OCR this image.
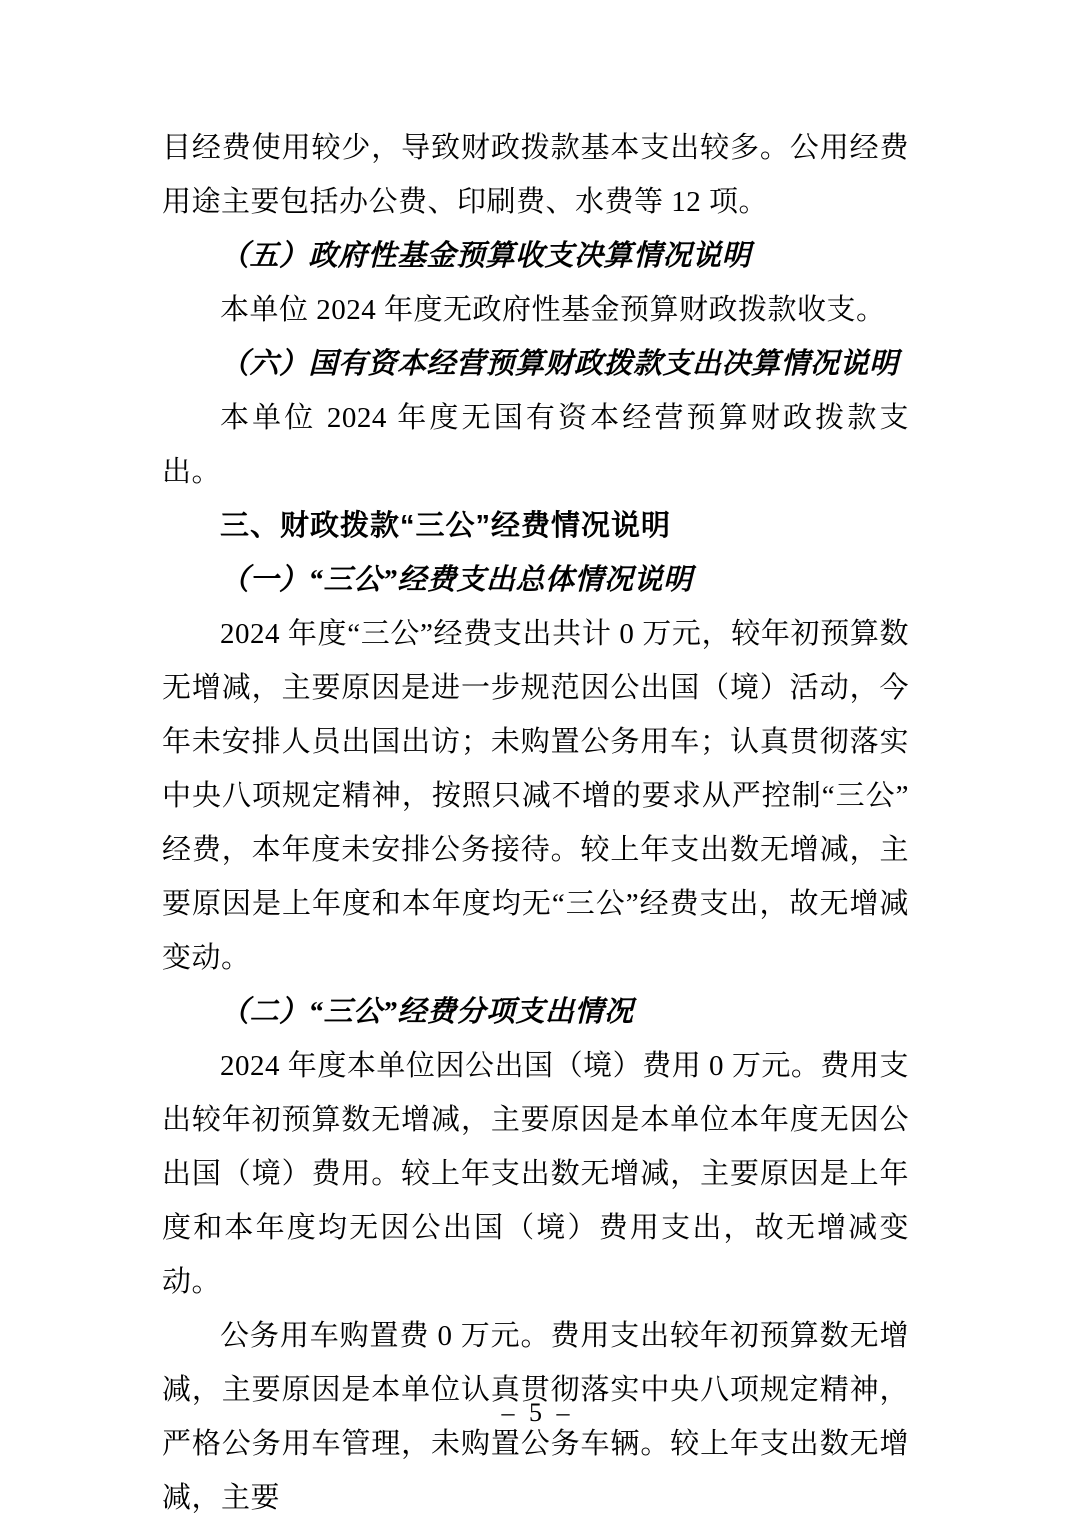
目经费使用较少，导致财政拨款基本支出较多。公用经费用途主要包括办公费、印刷费、水费等 12 项。

（五）政府性基金预算收支决算情况说明

本单位 2024 年度无政府性基金预算财政拨款收支。

（六）国有资本经营预算财政拨款支出决算情况说明

本单位 2024 年度无国有资本经营预算财政拨款支出。

三、财政拨款“三公”经费情况说明

（一）“三公”经费支出总体情况说明

2024 年度“三公”经费支出共计 0 万元，较年初预算数无增减，主要原因是进一步规范因公出国（境）活动，今年未安排人员出国出访；未购置公务用车；认真贯彻落实中央八项规定精神，按照只减不增的要求从严控制“三公”经费，本年度未安排公务接待。较上年支出数无增减，主要原因是上年度和本年度均无“三公”经费支出，故无增减变动。

（二）“三公”经费分项支出情况

2024 年度本单位因公出国（境）费用 0 万元。费用支出较年初预算数无增减，主要原因是本单位本年度无因公出国（境）费用。较上年支出数无增减，主要原因是上年度和本年度均无因公出国（境）费用支出，故无增减变动。

公务用车购置费 0 万元。费用支出较年初预算数无增减，主要原因是本单位认真贯彻落实中央八项规定精神，严格公务用车管理，未购置公务车辆。较上年支出数无增减，主要

– 5 –
